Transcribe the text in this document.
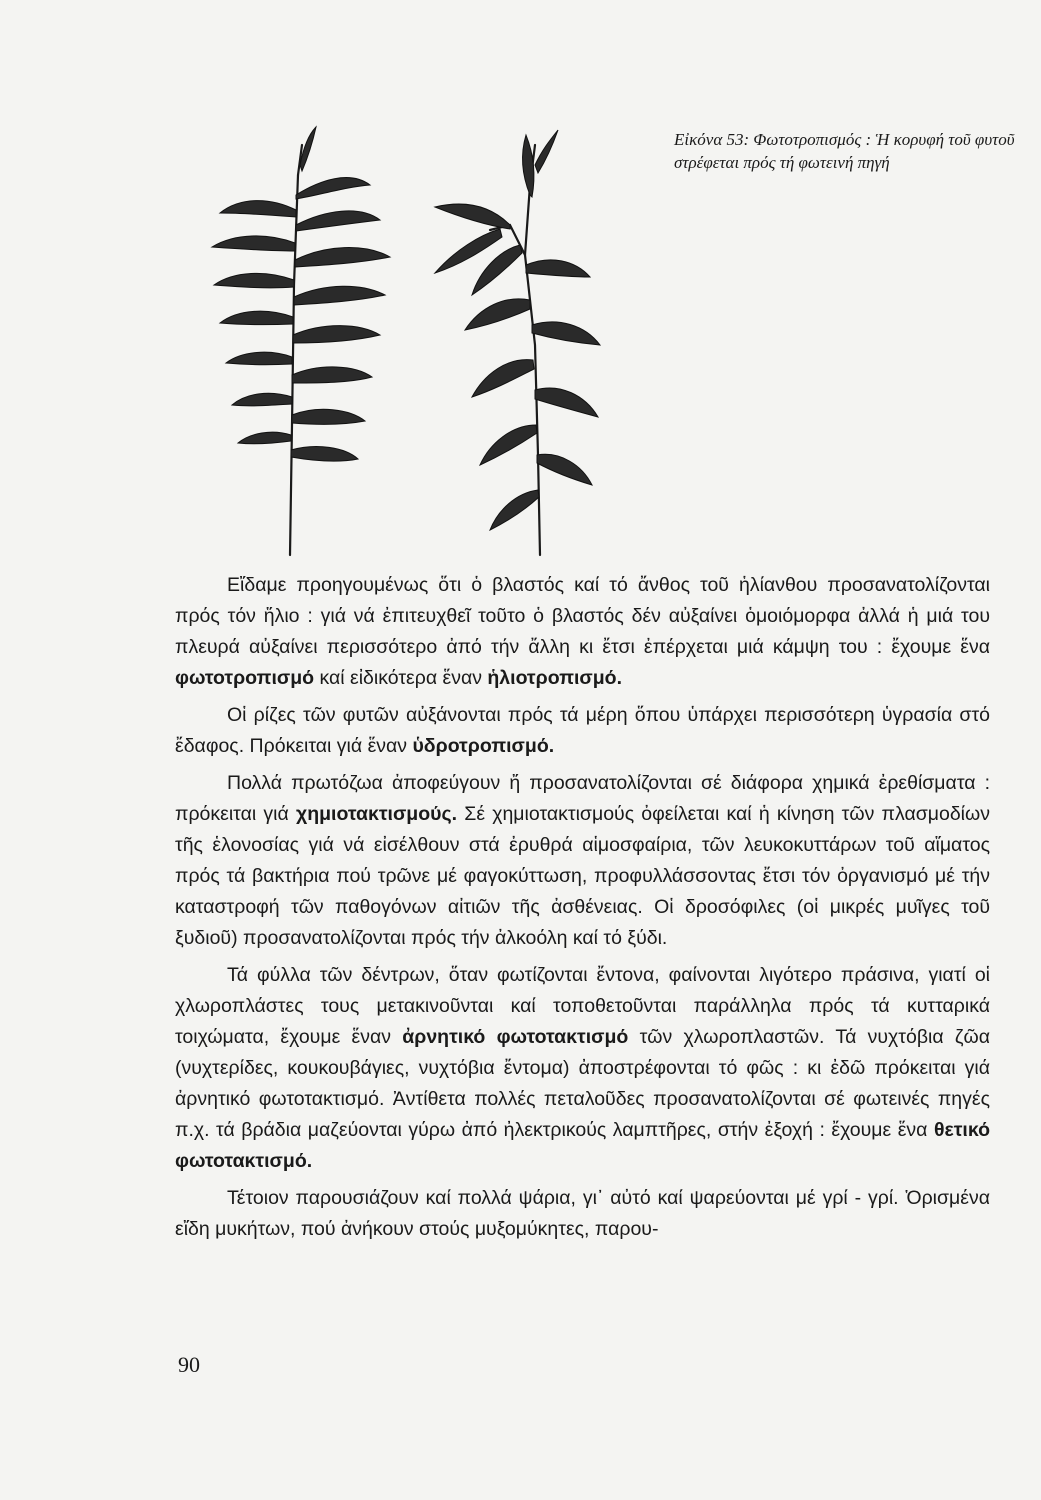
Εἰκόνα 53: Φωτοτροπισμός : Ἡ κορυφή τοῦ φυτοῦ στρέφεται πρός τή φωτεινή πηγή

Εἴδαμε προηγουμένως ὅτι ὁ βλαστός καί τό ἄνθος τοῦ ἡλίανθου προσανατολίζονται πρός τόν ἥλιο : γιά νά ἐπιτευχθεῖ τοῦτο ὁ βλαστός δέν αὐξαίνει ὁμοιόμορφα ἀλλά ἡ μιά του πλευρά αὐξαίνει περισσότερο ἀπό τήν ἄλλη κι ἔτσι ἐπέρχεται μιά κάμψη του : ἔχουμε ἕνα φωτοτροπισμό καί εἰδικότερα ἕναν ἡλιοτροπισμό.

Οἱ ρίζες τῶν φυτῶν αὐξάνονται πρός τά μέρη ὅπου ὑπάρχει περισσότερη ὑγρασία στό ἔδαφος. Πρόκειται γιά ἕναν ὑδροτροπισμό.

Πολλά πρωτόζωα ἀποφεύγουν ἤ προσανατολίζονται σέ διάφορα χημικά ἐρεθίσματα : πρόκειται γιά χημιοτακτισμούς. Σέ χημιοτακτισμούς ὀφείλεται καί ἡ κίνηση τῶν πλασμοδίων τῆς ἑλονοσίας γιά νά εἰσέλθουν στά ἐρυθρά αἱμοσφαίρια, τῶν λευκοκυττάρων τοῦ αἵματος πρός τά βακτήρια πού τρῶνε μέ φαγοκύττωση, προφυλλάσσοντας ἔτσι τόν ὀργανισμό μέ τήν καταστροφή τῶν παθογόνων αἰτιῶν τῆς ἀσθένειας. Οἱ δροσόφιλες (οἱ μικρές μυῖγες τοῦ ξυδιοῦ) προσανατολίζονται πρός τήν ἀλκοόλη καί τό ξύδι.

Τά φύλλα τῶν δέντρων, ὅταν φωτίζονται ἔντονα, φαίνονται λιγότερο πράσινα, γιατί οἱ χλωροπλάστες τους μετακινοῦνται καί τοποθετοῦνται παράλληλα πρός τά κυτταρικά τοιχώματα, ἔχουμε ἕναν ἀρνητικό φωτοτακτισμό τῶν χλωροπλαστῶν. Τά νυχτόβια ζῶα (νυχτερίδες, κουκουβάγιες, νυχτόβια ἔντομα) ἀποστρέφονται τό φῶς : κι ἐδῶ πρόκειται γιά ἀρνητικό φωτοτακτισμό. Ἀντίθετα πολλές πεταλοῦδες προσανατολίζονται σέ φωτεινές πηγές π.χ. τά βράδια μαζεύονται γύρω ἀπό ἠλεκτρικούς λαμπτῆρες, στήν ἐξοχή : ἔχουμε ἕνα θετικό φωτοτακτισμό.

Τέτοιον παρουσιάζουν καί πολλά ψάρια, γι᾽ αὐτό καί ψαρεύονται μέ γρί - γρί. Ὁρισμένα εἴδη μυκήτων, πού ἀνήκουν στούς μυξομύκητες, παρου-

90
